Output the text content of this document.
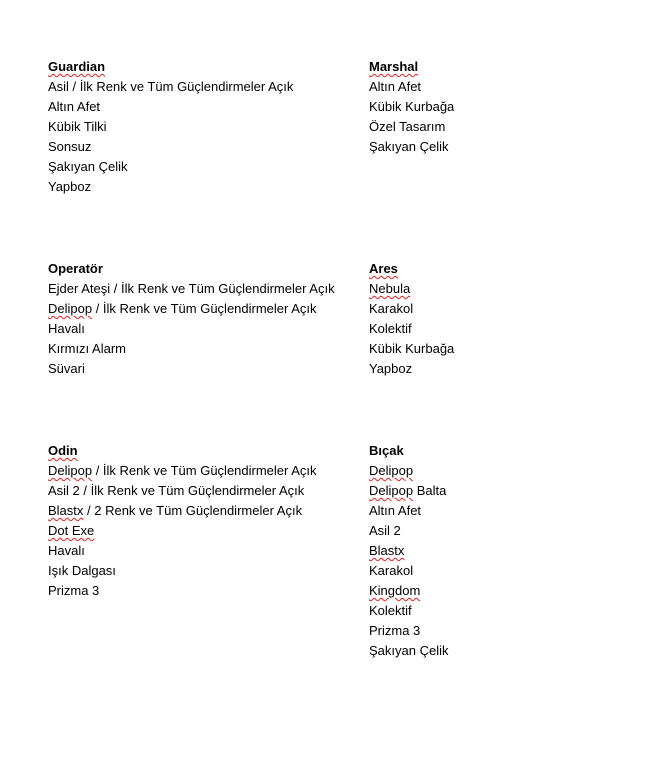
Guardian
Asil / İlk Renk ve Tüm Güçlendirmeler Açık
Altın Afet
Kübik Tilki
Sonsuz
Şakıyan Çelik
Yapboz
Marshal
Altın Afet
Kübik Kurbağa
Özel Tasarım
Şakıyan Çelik
Operatör
Ejder Ateşi / İlk Renk ve Tüm Güçlendirmeler Açık
Delipop / İlk Renk ve Tüm Güçlendirmeler Açık
Havalı
Kırmızı Alarm
Süvari
Ares
Nebula
Karakol
Kolektif
Kübik Kurbağa
Yapboz
Odin
Delipop / İlk Renk ve Tüm Güçlendirmeler Açık
Asil 2 / İlk Renk ve Tüm Güçlendirmeler Açık
Blastx / 2 Renk ve Tüm Güçlendirmeler Açık
Dot Exe
Havalı
Işık Dalgası
Prizma 3
Bıçak
Delipop
Delipop Balta
Altın Afet
Asil 2
Blastx
Karakol
Kingdom
Kolektif
Prizma 3
Şakıyan Çelik
